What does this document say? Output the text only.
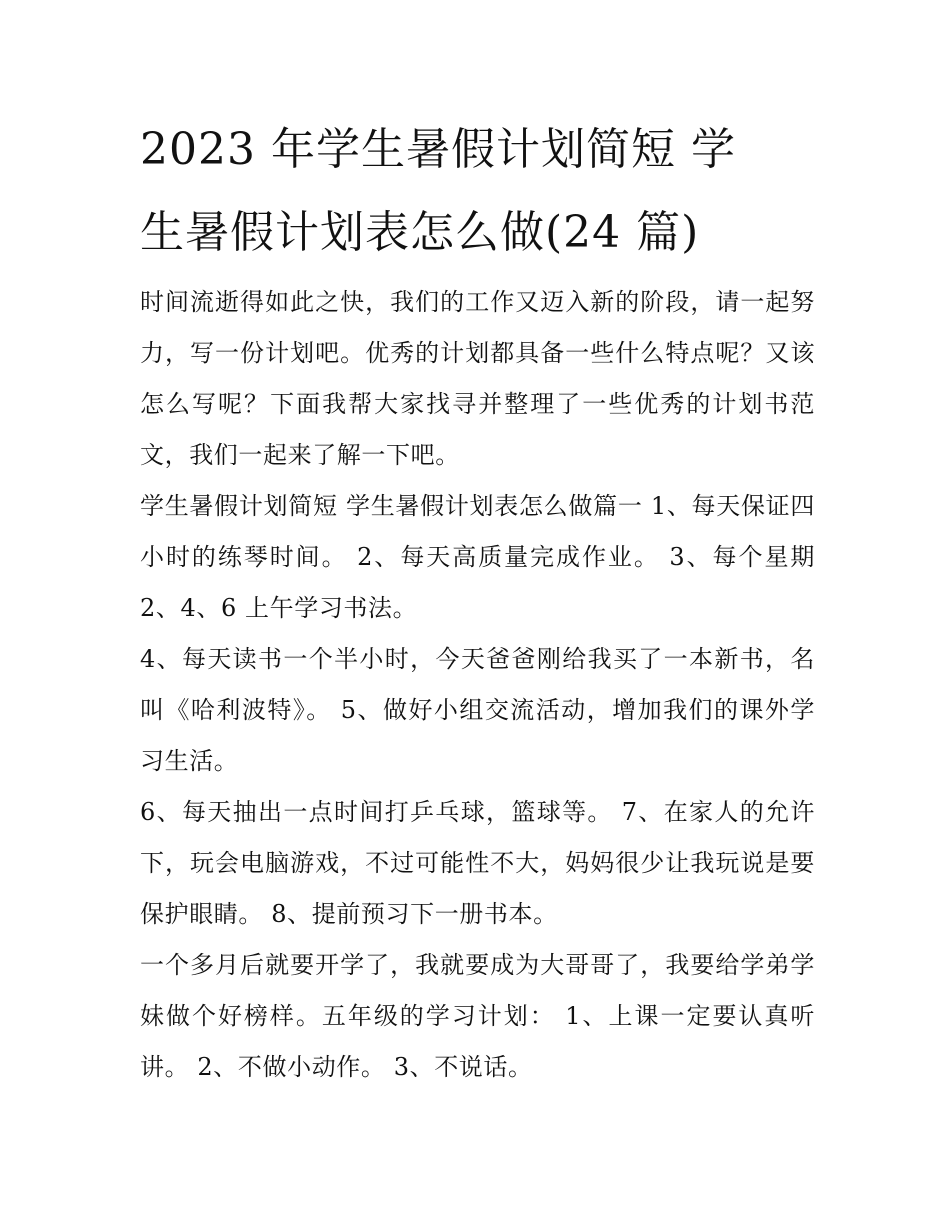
2023 年学生暑假计划简短 学
生暑假计划表怎么做(24 篇)

时间流逝得如此之快，我们的工作又迈入新的阶段，请一起努力，写一份计划吧。优秀的计划都具备一些什么特点呢？又该怎么写呢？下面我帮大家找寻并整理了一些优秀的计划书范文，我们一起来了解一下吧。

学生暑假计划简短 学生暑假计划表怎么做篇一 1、每天保证四小时的练琴时间。 2、每天高质量完成作业。 3、每个星期 2、4、6 上午学习书法。

4、每天读书一个半小时，今天爸爸刚给我买了一本新书，名叫《哈利波特》。 5、做好小组交流活动，增加我们的课外学习生活。

6、每天抽出一点时间打乒乓球，篮球等。 7、在家人的允许下，玩会电脑游戏，不过可能性不大，妈妈很少让我玩说是要保护眼睛。 8、提前预习下一册书本。

一个多月后就要开学了，我就要成为大哥哥了，我要给学弟学妹做个好榜样。五年级的学习计划： 1、上课一定要认真听讲。 2、不做小动作。 3、不说话。
